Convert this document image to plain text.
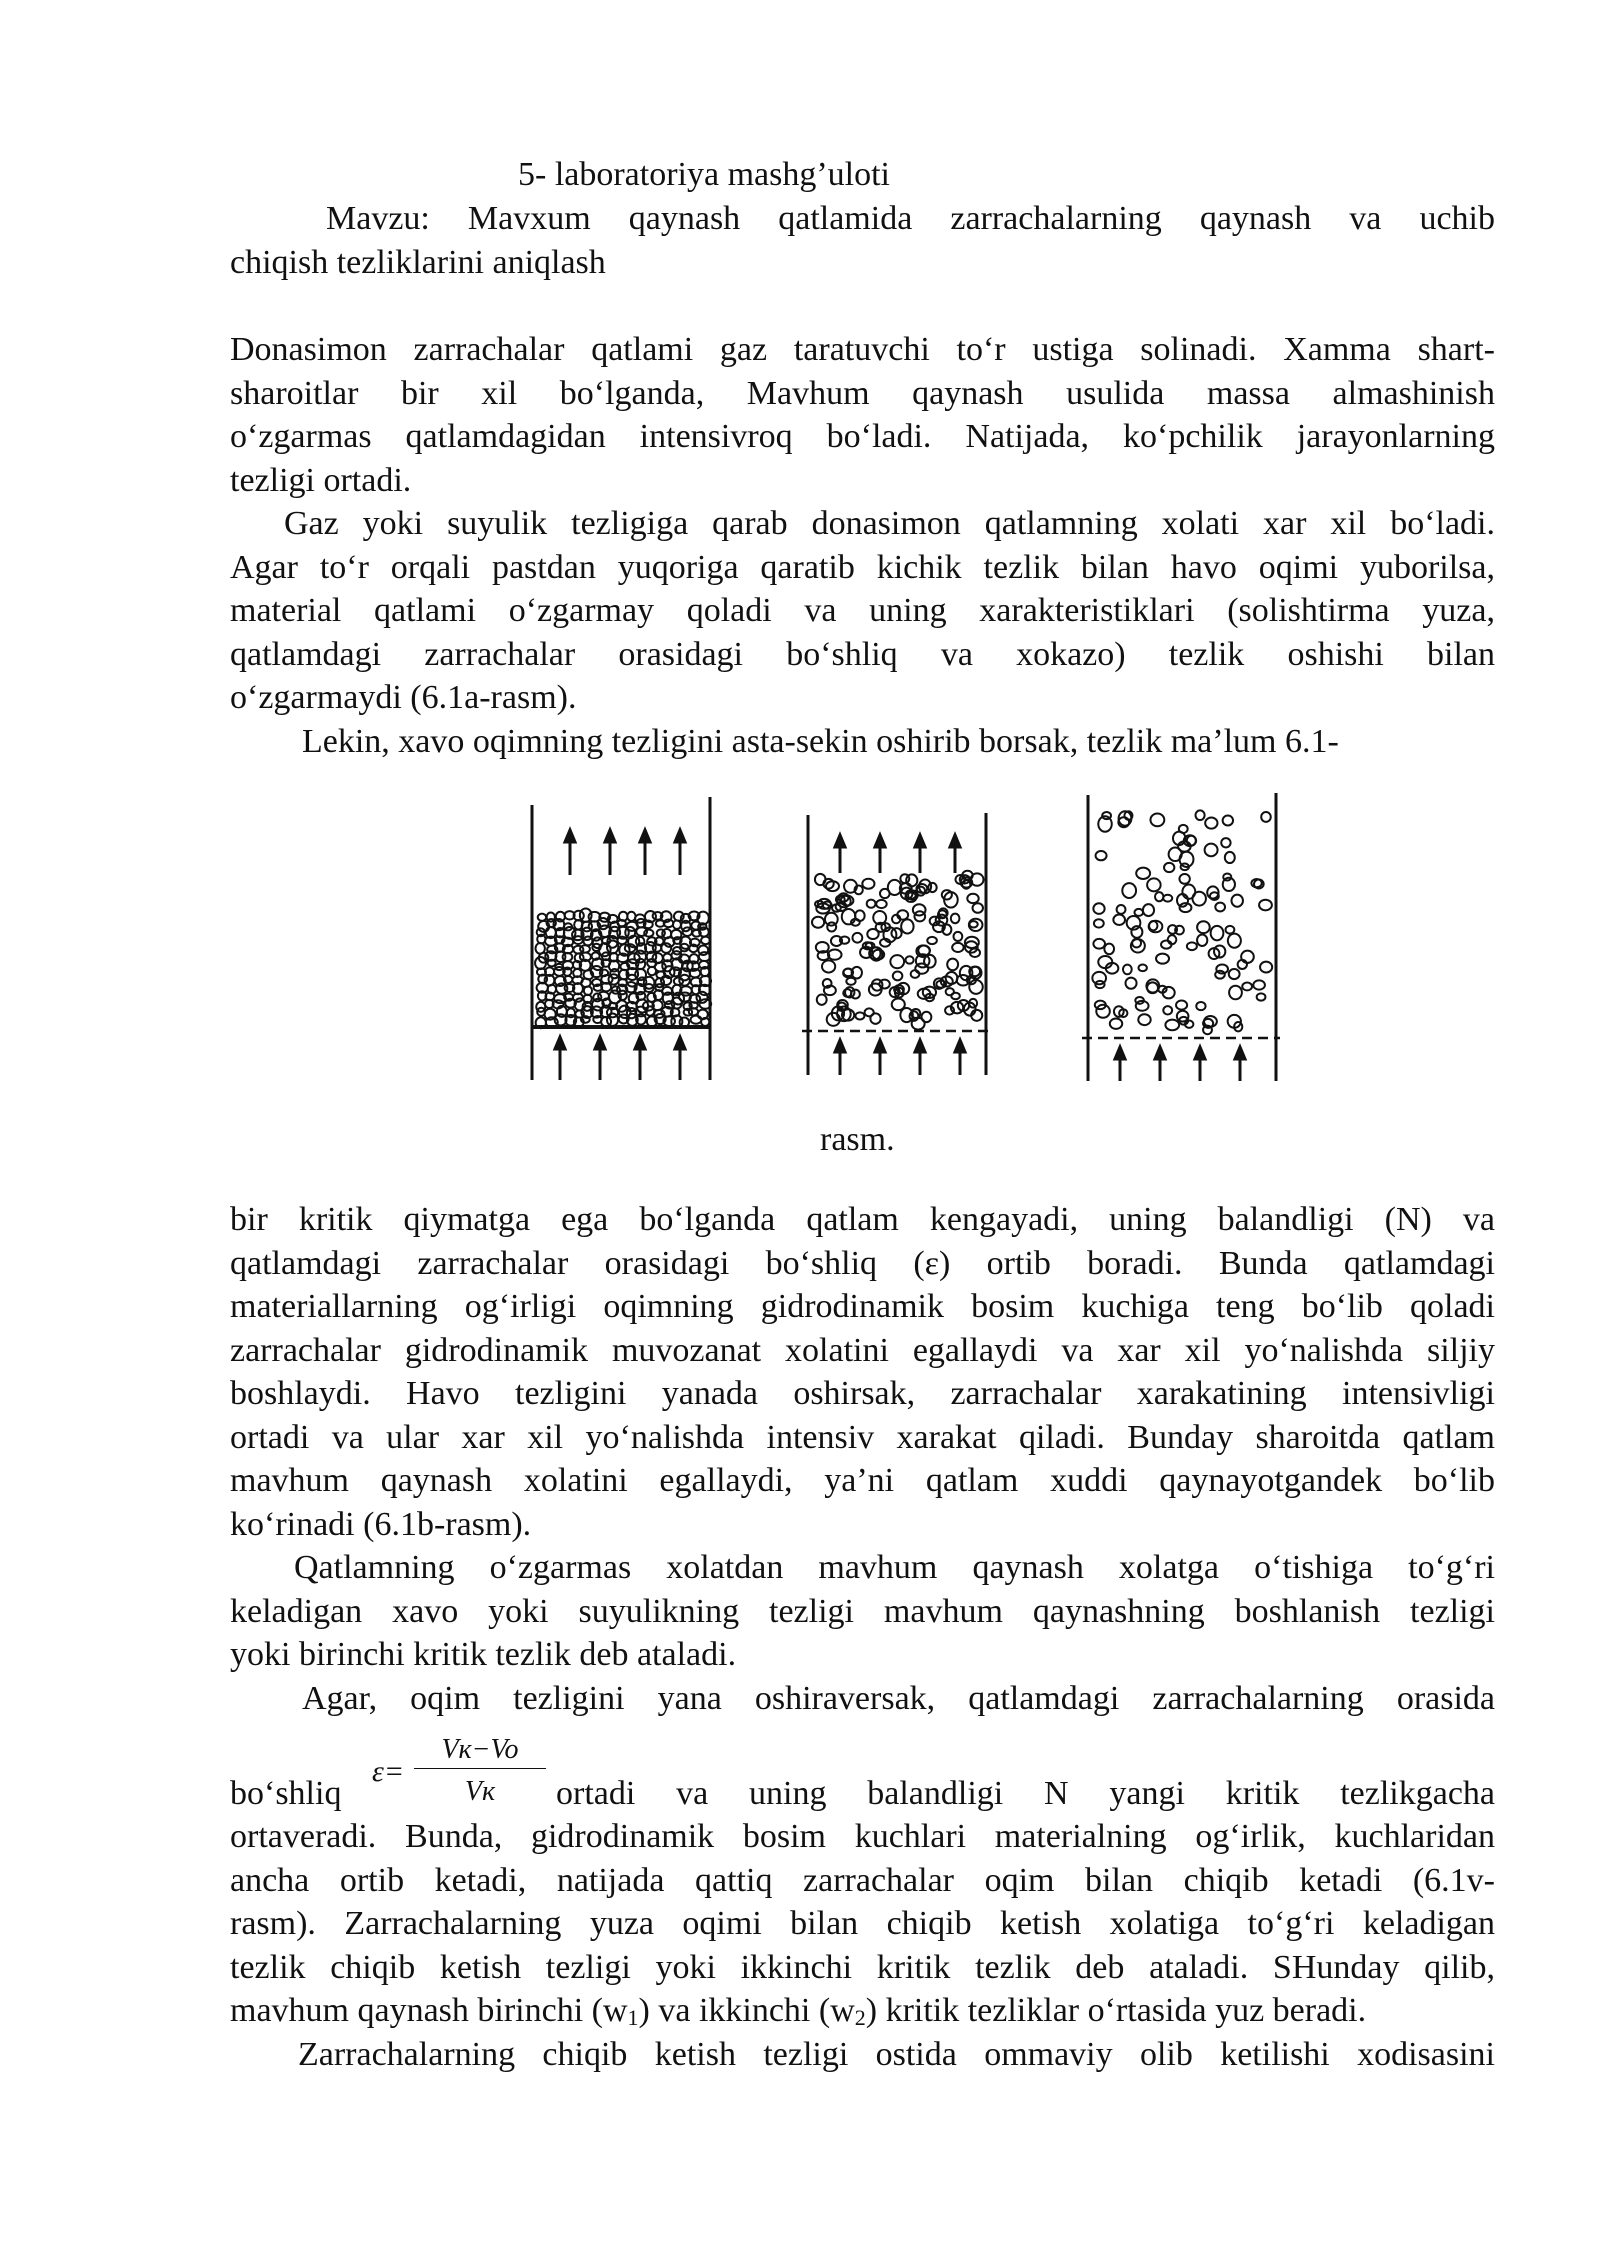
5- laboratoriya mashg’uloti
Mavzu: Mavxum qaynash qatlamida zarrachalarning qaynash va uchib
chiqish tezliklarini aniqlash
Donasimon zarrachalar qatlami gaz taratuvchi to‘r ustiga solinadi. Xamma shart-
sharoitlar bir xil bo‘lganda, Mavhum qaynash usulida massa almashinish
o‘zgarmas qatlamdagidan intensivroq bo‘ladi. Natijada, ko‘pchilik jarayonlarning
tezligi ortadi.
Gaz yoki suyulik tezligiga qarab donasimon qatlamning xolati xar xil bo‘ladi.
Agar to‘r orqali pastdan yuqoriga qaratib kichik tezlik bilan havo oqimi yuborilsa,
material qatlami o‘zgarmay qoladi va uning xarakteristiklari (solishtirma yuza,
qatlamdagi zarrachalar orasidagi bo‘shliq va xokazo) tezlik oshishi bilan
o‘zgarmaydi (6.1a-rasm).
Lekin, xavo oqimning tezligini asta-sekin oshirib borsak, tezlik ma’lum 6.1-
rasm.
bir kritik qiymatga ega bo‘lganda qatlam kengayadi, uning balandligi (N) va
qatlamdagi zarrachalar orasidagi bo‘shliq (ε) ortib boradi. Bunda qatlamdagi
materiallarning og‘irligi oqimning gidrodinamik bosim kuchiga teng bo‘lib qoladi
zarrachalar gidrodinamik muvozanat xolatini egallaydi va xar xil yo‘nalishda siljiy
boshlaydi. Havo tezligini yanada oshirsak, zarrachalar xarakatining intensivligi
ortadi va ular xar xil yo‘nalishda intensiv xarakat qiladi. Bunday sharoitda qatlam
mavhum qaynash xolatini egallaydi, ya’ni qatlam xuddi qaynayotgandek bo‘lib
ko‘rinadi (6.1b-rasm).
Qatlamning o‘zgarmas xolatdan mavhum qaynash xolatga o‘tishiga to‘g‘ri
keladigan xavo yoki suyulikning tezligi mavhum qaynashning boshlanish tezligi
yoki birinchi kritik tezlik deb ataladi.
Agar, oqim tezligini yana oshiraversak, qatlamdagi zarrachalarning orasida
ε=
Vк−Vo
Vк
bo‘shliq	ortadi va uning balandligi N yangi kritik tezlikgacha
ortaveradi. Bunda, gidrodinamik bosim kuchlari materialning og‘irlik, kuchlaridan
ancha ortib ketadi, natijada qattiq zarrachalar oqim bilan chiqib ketadi (6.1v-
rasm). Zarrachalarning yuza oqimi bilan chiqib ketish xolatiga to‘g‘ri keladigan
tezlik chiqib ketish tezligi yoki ikkinchi kritik tezlik deb ataladi. SHunday qilib,
mavhum qaynash birinchi $(w_1)$ va ikkinchi $(w_2)$ kritik tezliklar o‘rtasida yuz beradi.
Zarrachalarning chiqib ketish tezligi ostida ommaviy olib ketilishi xodisasini
